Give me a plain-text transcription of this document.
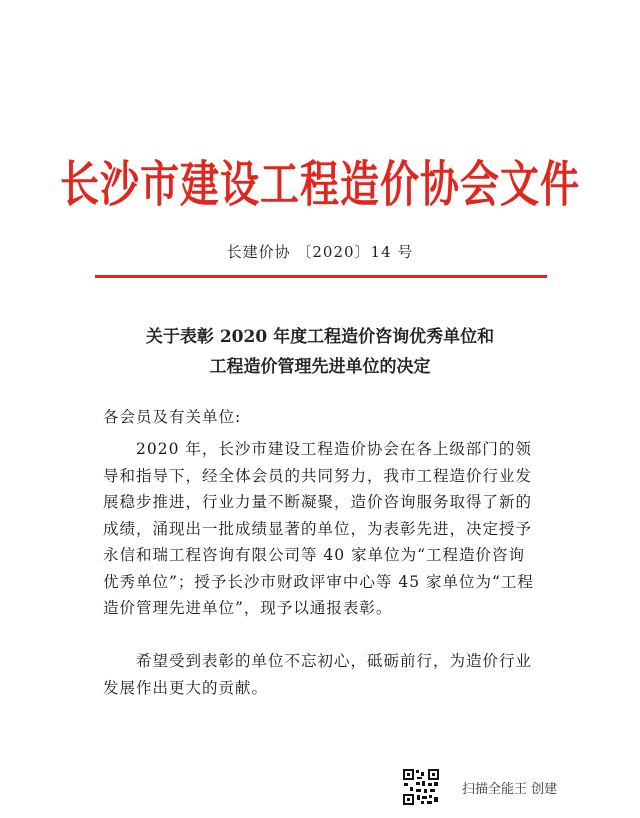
长沙市建设工程造价协会文件
长建价协 〔2020〕14 号
关于表彰 2020 年度工程造价咨询优秀单位和
工程造价管理先进单位的决定
各会员及有关单位:
　　2020 年，长沙市建设工程造价协会在各上级部门的领
导和指导下，经全体会员的共同努力，我市工程造价行业发
展稳步推进，行业力量不断凝聚，造价咨询服务取得了新的
成绩，涌现出一批成绩显著的单位，为表彰先进，决定授予
永信和瑞工程咨询有限公司等 40 家单位为“工程造价咨询
优秀单位”；授予长沙市财政评审中心等 45 家单位为“工程
造价管理先进单位”，现予以通报表彰。
　　希望受到表彰的单位不忘初心，砥砺前行，为造价行业
发展作出更大的贡献。
扫描全能王 创建
